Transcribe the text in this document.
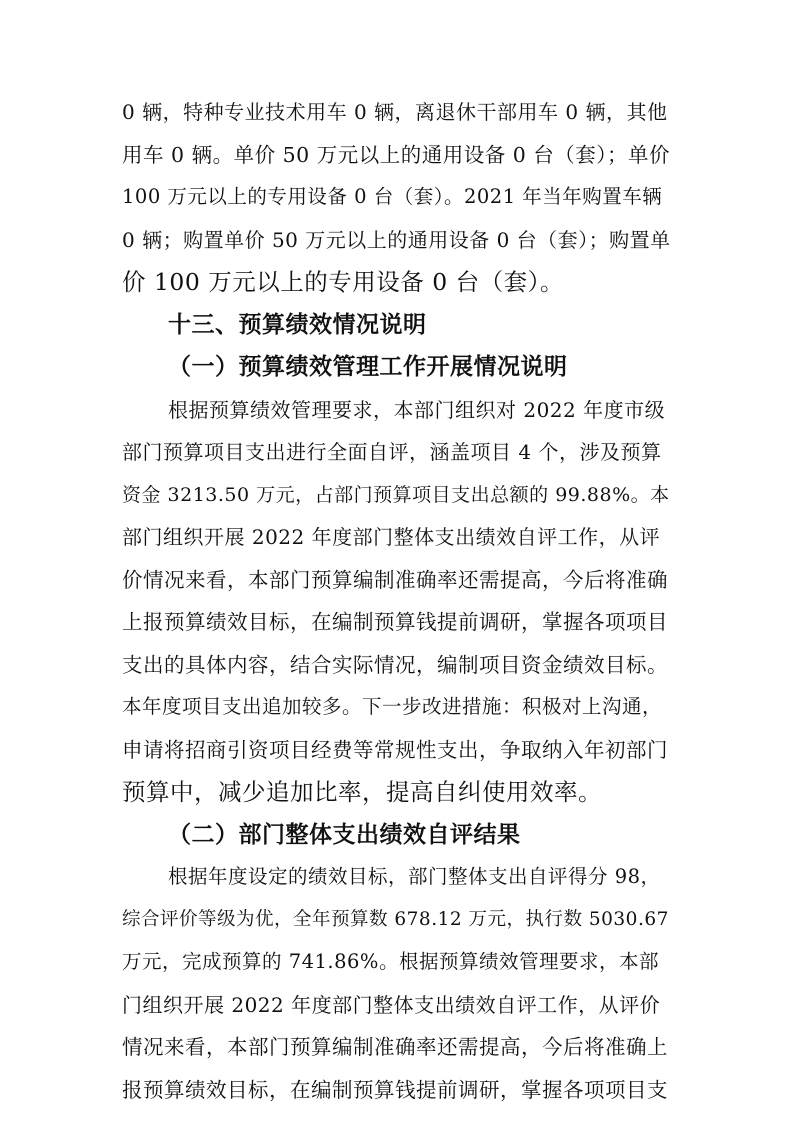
0 辆，特种专业技术用车 0 辆，离退休干部用车 0 辆，其他
用车 0 辆。单价 50 万元以上的通用设备 0 台（套）；单价
100 万元以上的专用设备 0 台（套）。2021 年当年购置车辆
0 辆；购置单价 50 万元以上的通用设备 0 台（套）；购置单
价 100 万元以上的专用设备 0 台（套）。
十三、预算绩效情况说明
（一）预算绩效管理工作开展情况说明
根据预算绩效管理要求，本部门组织对 2022 年度市级
部门预算项目支出进行全面自评，涵盖项目 4 个，涉及预算
资金 3213.50 万元，占部门预算项目支出总额的 99.88%。本
部门组织开展 2022 年度部门整体支出绩效自评工作，从评
价情况来看，本部门预算编制准确率还需提高，今后将准确
上报预算绩效目标，在编制预算钱提前调研，掌握各项项目
支出的具体内容，结合实际情况，编制项目资金绩效目标。
本年度项目支出追加较多。下一步改进措施：积极对上沟通，
申请将招商引资项目经费等常规性支出，争取纳入年初部门
预算中，减少追加比率，提高自纠使用效率。
（二）部门整体支出绩效自评结果
根据年度设定的绩效目标，部门整体支出自评得分 98，
综合评价等级为优，全年预算数 678.12 万元，执行数 5030.67
万元，完成预算的 741.86%。根据预算绩效管理要求，本部
门组织开展 2022 年度部门整体支出绩效自评工作，从评价
情况来看，本部门预算编制准确率还需提高，今后将准确上
报预算绩效目标，在编制预算钱提前调研，掌握各项项目支
